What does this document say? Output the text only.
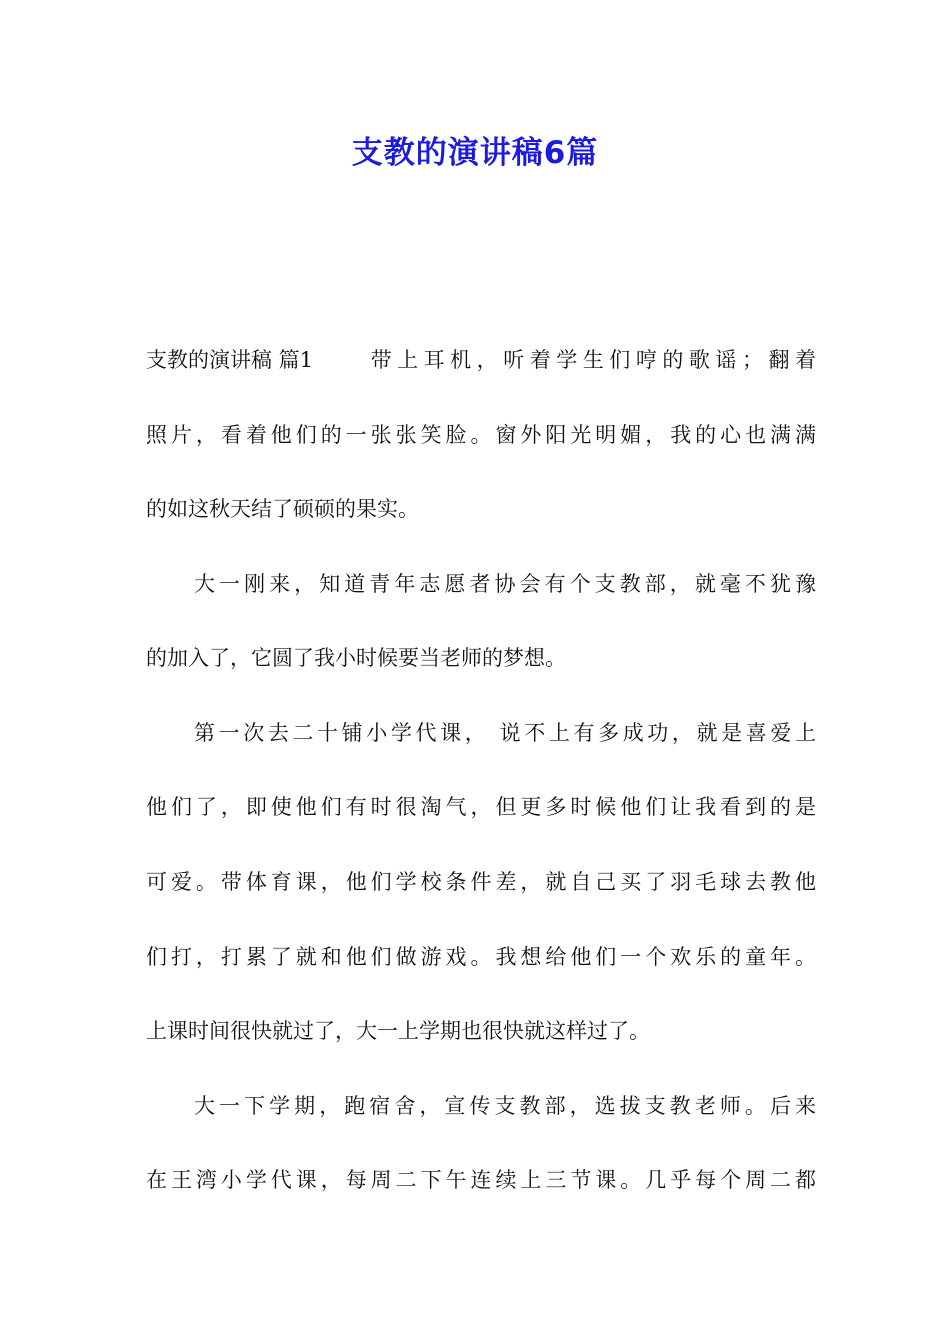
支教的演讲稿6篇

支教的演讲稿 篇1 带上耳机，听着学生们哼的歌谣；翻着

照片，看着他们的一张张笑脸。窗外阳光明媚，我的心也满满

的如这秋天结了硕硕的果实。

大一刚来，知道青年志愿者协会有个支教部，就毫不犹豫

的加入了，它圆了我小时候要当老师的梦想。

第一次去二十铺小学代课， 说不上有多成功，就是喜爱上

他们了，即使他们有时很淘气，但更多时候他们让我看到的是

可爱。带体育课，他们学校条件差，就自己买了羽毛球去教他

们打，打累了就和他们做游戏。我想给他们一个欢乐的童年。

上课时间很快就过了，大一上学期也很快就这样过了。

大一下学期，跑宿舍，宣传支教部，选拔支教老师。后来

在王湾小学代课，每周二下午连续上三节课。几乎每个周二都
